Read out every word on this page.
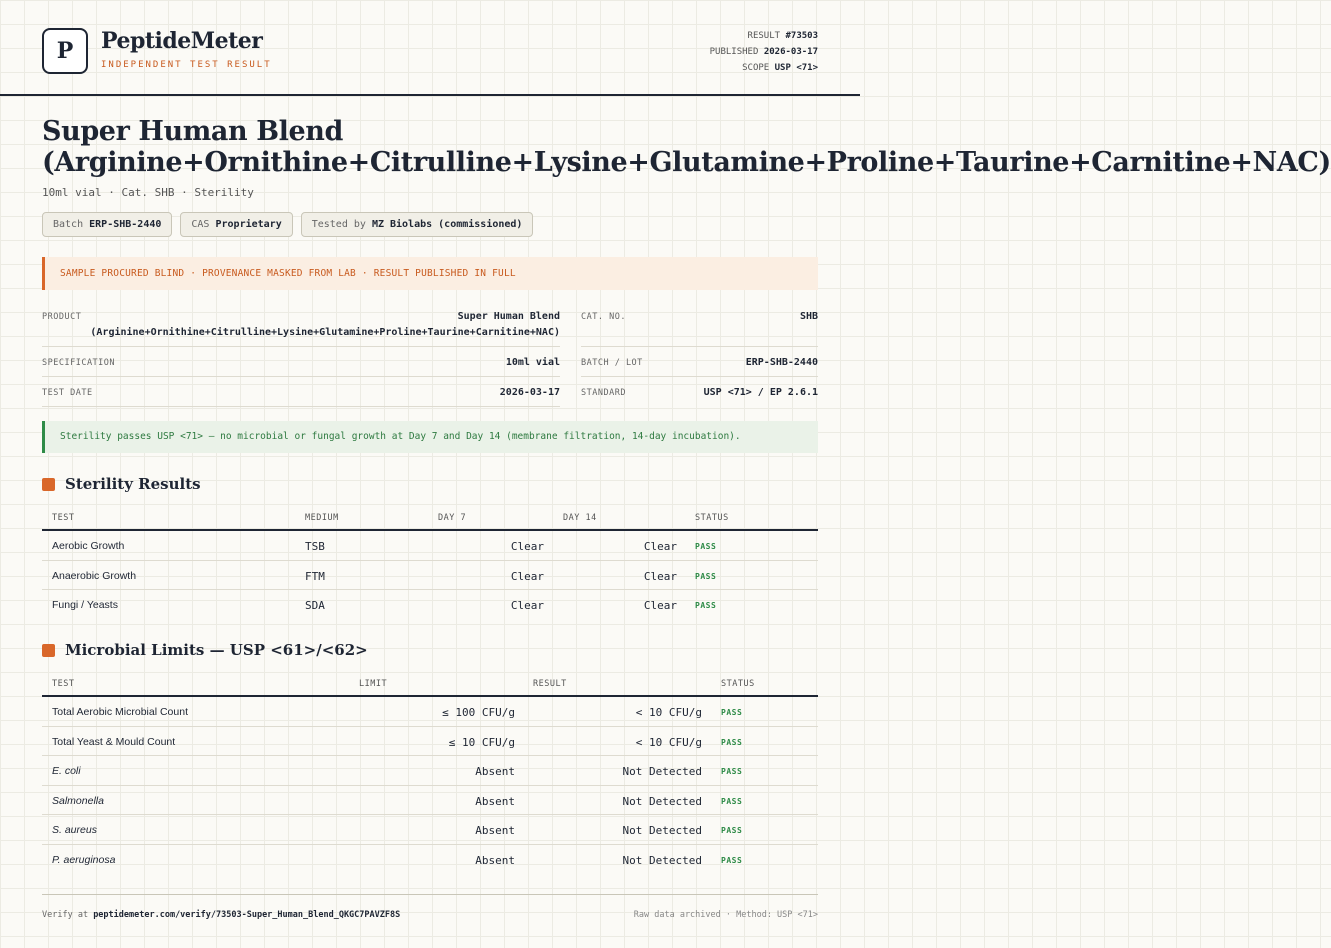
P	PeptideMeter
INDEPENDENT TEST RESULT
RESULT #73503
PUBLISHED 2026-03-17
SCOPE USP <71>
Super Human Blend
(Arginine+Ornithine+Citrulline+Lysine+Glutamine+Proline+Taurine+Carnitine+NAC)
10ml vial · Cat. SHB · Sterility
Batch ERP-SHB-2440	CAS Proprietary	Tested by MZ Biolabs (commissioned)
SAMPLE PROCURED BLIND · PROVENANCE MASKED FROM LAB · RESULT PUBLISHED IN FULL
PRODUCT	Super Human Blend
(Arginine+Ornithine+Citrulline+Lysine+Glutamine+Proline+Taurine+Carnitine+NAC)
CAT. NO.	SHB
SPECIFICATION	10ml vial BATCH / LOT	ERP-SHB-2440
TEST DATE	2026-03-17 STANDARD	USP <71> / EP 2.6.1
Sterility passes USP <71> — no microbial or fungal growth at Day 7 and Day 14 (membrane filtration, 14-day incubation).
Sterility Results
TEST	MEDIUM	DAY 7	DAY 14	STATUS
Aerobic Growth	TSB	Clear	Clear PASS
Anaerobic Growth	FTM	Clear	Clear PASS
Fungi / Yeasts	SDA	Clear	Clear PASS
Microbial Limits — USP <61>/<62>
TEST	LIMIT	RESULT	STATUS
Total Aerobic Microbial Count	≤ 100 CFU/g	< 10 CFU/g PASS
Total Yeast & Mould Count	≤ 10 CFU/g	< 10 CFU/g PASS
E. coli	Absent	Not Detected PASS
Salmonella	Absent	Not Detected PASS
S. aureus	Absent	Not Detected PASS
P. aeruginosa	Absent	Not Detected PASS
Verify at peptidemeter.com/verify/73503-Super_Human_Blend_QKGC7PAVZF8S	Raw data archived · Method: USP <71>
